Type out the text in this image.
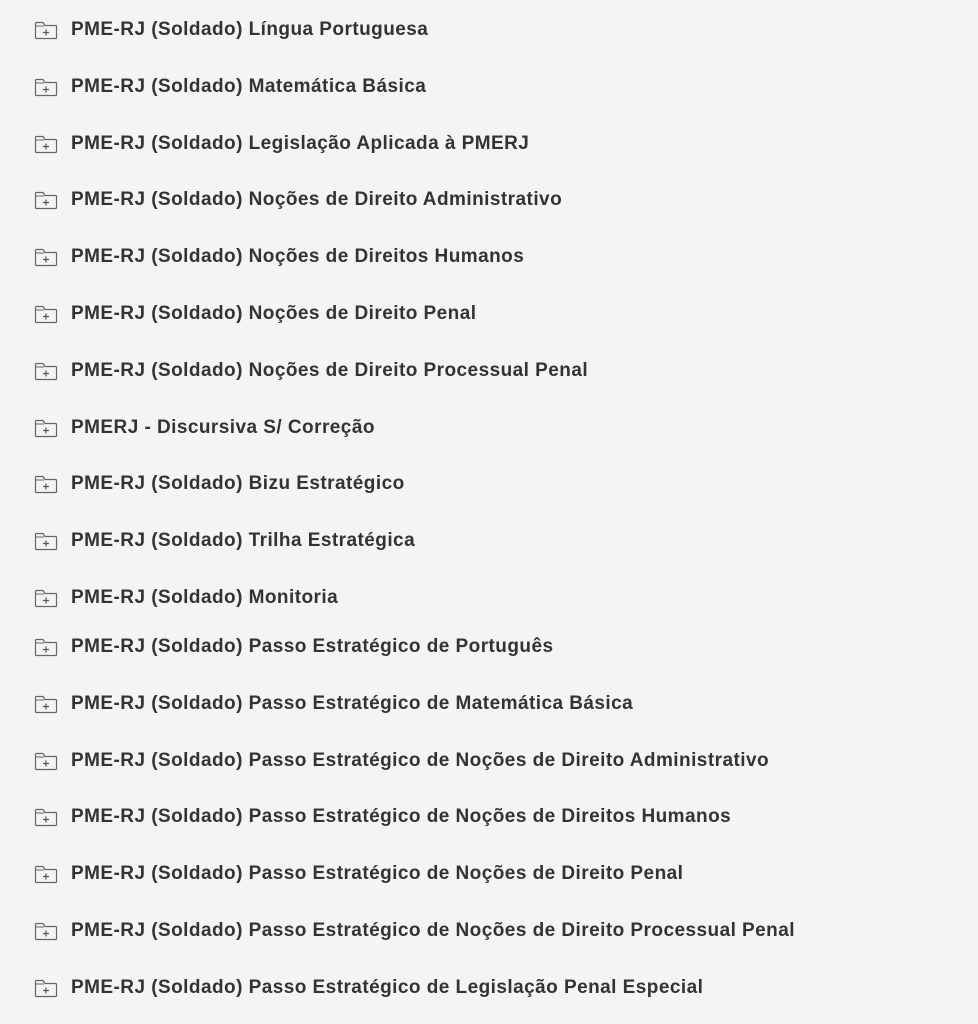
PME-RJ (Soldado) Língua Portuguesa
PME-RJ (Soldado) Matemática Básica
PME-RJ (Soldado) Legislação Aplicada à PMERJ
PME-RJ (Soldado) Noções de Direito Administrativo
PME-RJ (Soldado) Noções de Direitos Humanos
PME-RJ (Soldado) Noções de Direito Penal
PME-RJ (Soldado) Noções de Direito Processual Penal
PMERJ - Discursiva S/ Correção
PME-RJ (Soldado) Bizu Estratégico
PME-RJ (Soldado) Trilha Estratégica
PME-RJ (Soldado) Monitoria
PME-RJ (Soldado) Passo Estratégico de Português
PME-RJ (Soldado) Passo Estratégico de Matemática Básica
PME-RJ (Soldado) Passo Estratégico de Noções de Direito Administrativo
PME-RJ (Soldado) Passo Estratégico de Noções de Direitos Humanos
PME-RJ (Soldado) Passo Estratégico de Noções de Direito Penal
PME-RJ (Soldado) Passo Estratégico de Noções de Direito Processual Penal
PME-RJ (Soldado) Passo Estratégico de Legislação Penal Especial
